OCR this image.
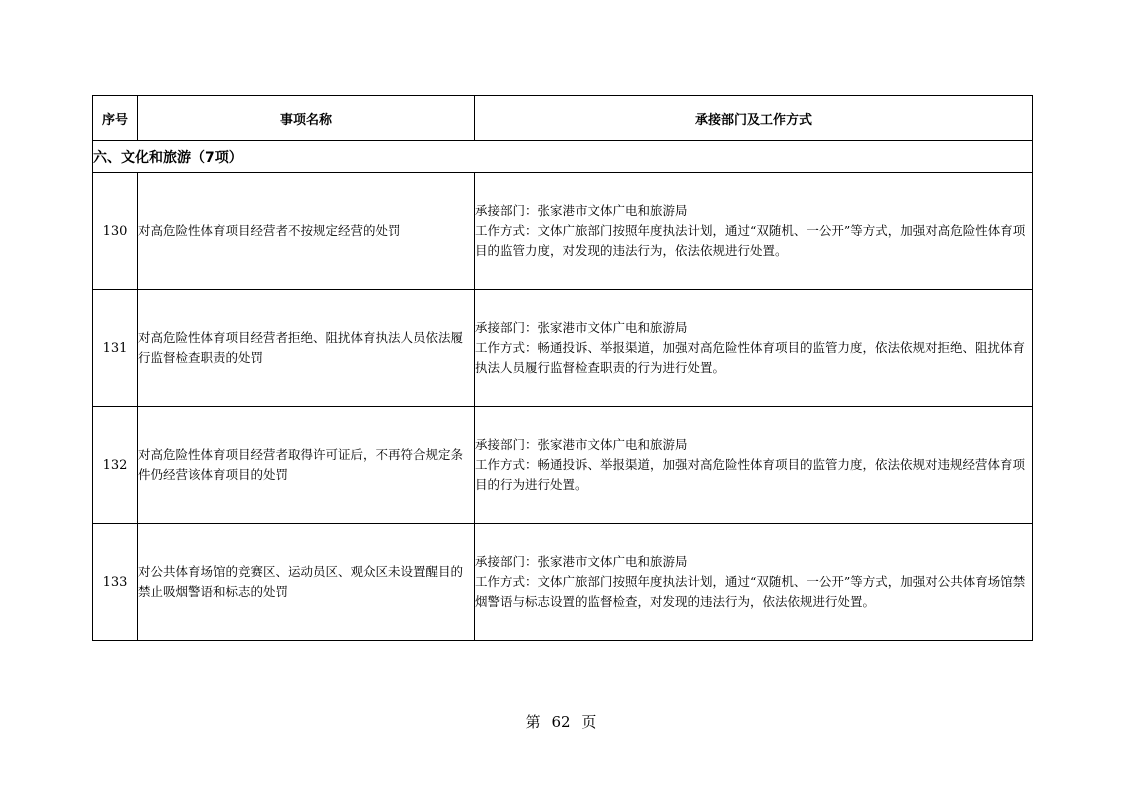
序号	事项名称	承接部门及工作方式
六、文化和旅游（7项）		
130	对高危险性体育项目经营者不按规定经营的处罚	承接部门：张家港市文体广电和旅游局
工作方式：文体广旅部门按照年度执法计划，通过“双随机、一公开”等方式，加强对高危险性体育项目的监管力度，对发现的违法行为，依法依规进行处置。

131	对高危险性体育项目经营者拒绝、阻扰体育执法人员依法履行监督检查职责的处罚	承接部门：张家港市文体广电和旅游局
工作方式：畅通投诉、举报渠道，加强对高危险性体育项目的监管力度，依法依规对拒绝、阻扰体育执法人员履行监督检查职责的行为进行处置。

132	对高危险性体育项目经营者取得许可证后，不再符合规定条件仍经营该体育项目的处罚	承接部门：张家港市文体广电和旅游局
工作方式：畅通投诉、举报渠道，加强对高危险性体育项目的监管力度，依法依规对违规经营体育项目的行为进行处置。

133	对公共体育场馆的竞赛区、运动员区、观众区未设置醒目的禁止吸烟警语和标志的处罚	承接部门：张家港市文体广电和旅游局
工作方式：文体广旅部门按照年度执法计划，通过“双随机、一公开”等方式，加强对公共体育场馆禁烟警语与标志设置的监督检查，对发现的违法行为，依法依规进行处置。
第 62 页
